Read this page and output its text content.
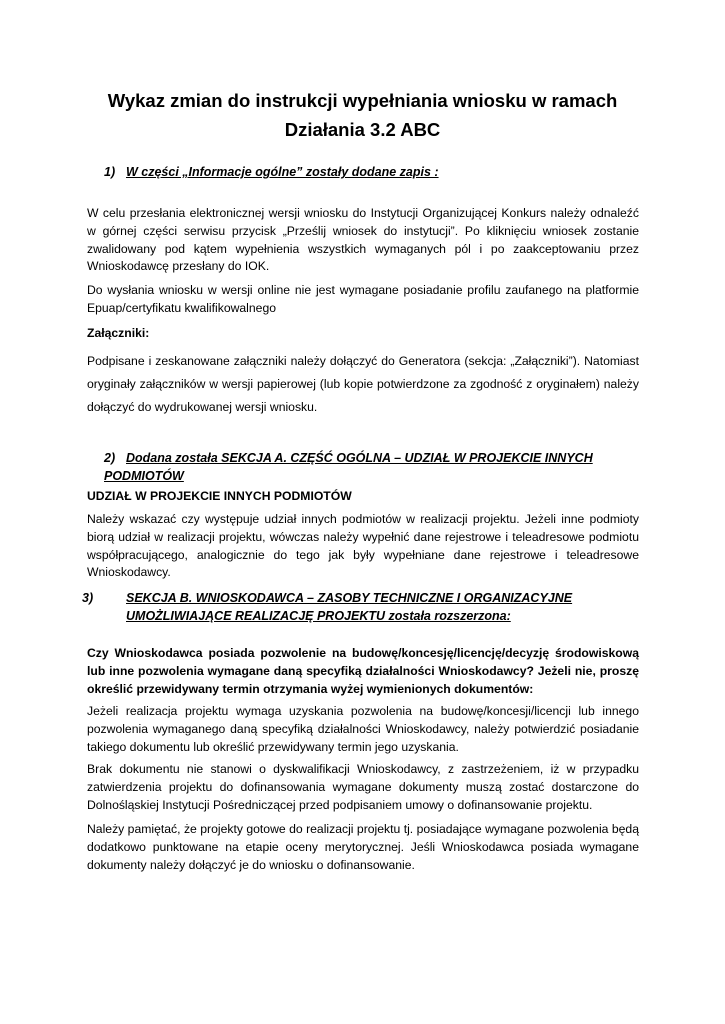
Wykaz zmian do instrukcji wypełniania wniosku w ramach Działania 3.2 ABC
1) W części „Informacje ogólne” zostały dodane zapis :
W celu przesłania elektronicznej wersji wniosku do Instytucji Organizującej Konkurs należy odnaleźć w górnej części serwisu przycisk „Prześlij wniosek do instytucji”. Po kliknięciu wniosek zostanie zwalidowany pod kątem wypełnienia wszystkich wymaganych pól i po zaakceptowaniu przez Wnioskodawcę przesłany do IOK.
Do wysłania wniosku w wersji online nie jest wymagane posiadanie profilu zaufanego na platformie Epuap/certyfikatu kwalifikowalnego
Załączniki:
Podpisane i zeskanowane załączniki należy dołączyć do Generatora (sekcja: „Załączniki”). Natomiast oryginały załączników w wersji papierowej (lub kopie potwierdzone za zgodność z oryginałem) należy dołączyć do wydrukowanej wersji wniosku.
2) Dodana została SEKCJA A. CZĘŚĆ OGÓLNA – UDZIAŁ W PROJEKCIE INNYCH PODMIOTÓW
UDZIAŁ W PROJEKCIE INNYCH PODMIOTÓW
Należy wskazać czy występuje udział innych podmiotów w realizacji projektu. Jeżeli inne podmioty biorą udział w realizacji projektu, wówczas należy wypełnić dane rejestrowe i teleadresowe podmiotu współpracującego, analogicznie do tego jak były wypełniane dane rejestrowe i teleadresowe Wnioskodawcy.
3)	SEKCJA B. WNIOSKODAWCA – ZASOBY TECHNICZNE I ORGANIZACYJNE UMOŻLIWIAJĄCE REALIZACJĘ PROJEKTU została rozszerzona:
Czy Wnioskodawca posiada pozwolenie na budowę/koncesję/licencję/decyzję środowiskową lub inne pozwolenia wymagane daną specyfiką działalności Wnioskodawcy? Jeżeli nie, proszę określić przewidywany termin otrzymania wyżej wymienionych dokumentów:
Jeżeli realizacja projektu wymaga uzyskania pozwolenia na budowę/koncesji/licencji lub innego pozwolenia wymaganego daną specyfiką działalności Wnioskodawcy, należy potwierdzić posiadanie takiego dokumentu lub określić przewidywany termin jego uzyskania.
Brak dokumentu nie stanowi o dyskwalifikacji Wnioskodawcy, z zastrzeżeniem, iż w przypadku zatwierdzenia projektu do dofinansowania wymagane dokumenty muszą zostać dostarczone do Dolnośląskiej Instytucji Pośredniczącej przed podpisaniem umowy o dofinansowanie projektu.
Należy pamiętać, że projekty gotowe do realizacji projektu tj. posiadające wymagane pozwolenia będą dodatkowo punktowane na etapie oceny merytorycznej. Jeśli Wnioskodawca posiada wymagane dokumenty należy dołączyć je do wniosku o dofinansowanie.
